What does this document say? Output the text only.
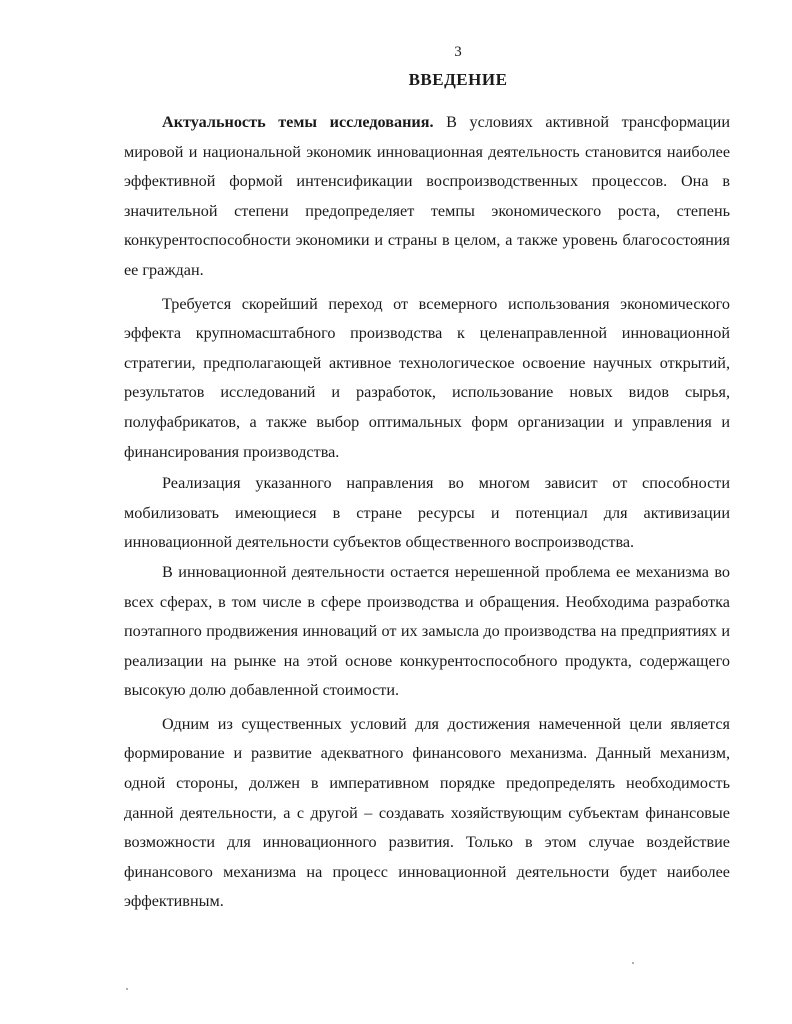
3
ВВЕДЕНИЕ

Актуальность темы исследования. В условиях активной трансформации мировой и национальной экономик инновационная деятельность становится наиболее эффективной формой интенсификации воспроизводственных процессов. Она в значительной степени предопределяет темпы экономического роста, степень конкурентоспособности экономики и страны в целом, а также уровень благосостояния ее граждан.

Требуется скорейший переход от всемерного использования экономического эффекта крупномасштабного производства к целенаправленной инновационной стратегии, предполагающей активное технологическое освоение научных открытий, результатов исследований и разработок, использование новых видов сырья, полуфабрикатов, а также выбор оптимальных форм организации и управления и финансирования производства.

Реализация указанного направления во многом зависит от способности мобилизовать имеющиеся в стране ресурсы и потенциал для активизации инновационной деятельности субъектов общественного воспроизводства.

В инновационной деятельности остается нерешенной проблема ее механизма во всех сферах, в том числе в сфере производства и обращения. Необходима разработка поэтапного продвижения инноваций от их замысла до производства на предприятиях и реализации на рынке на этой основе конкурентоспособного продукта, содержащего высокую долю добавленной стоимости.

Одним из существенных условий для достижения намеченной цели является формирование и развитие адекватного финансового механизма. Данный механизм, одной стороны, должен в императивном порядке предопределять необходимость данной деятельности, а с другой – создавать хозяйствующим субъектам финансовые возможности для инновационного развития. Только в этом случае воздействие финансового механизма на процесс инновационной деятельности будет наиболее эффективным.
